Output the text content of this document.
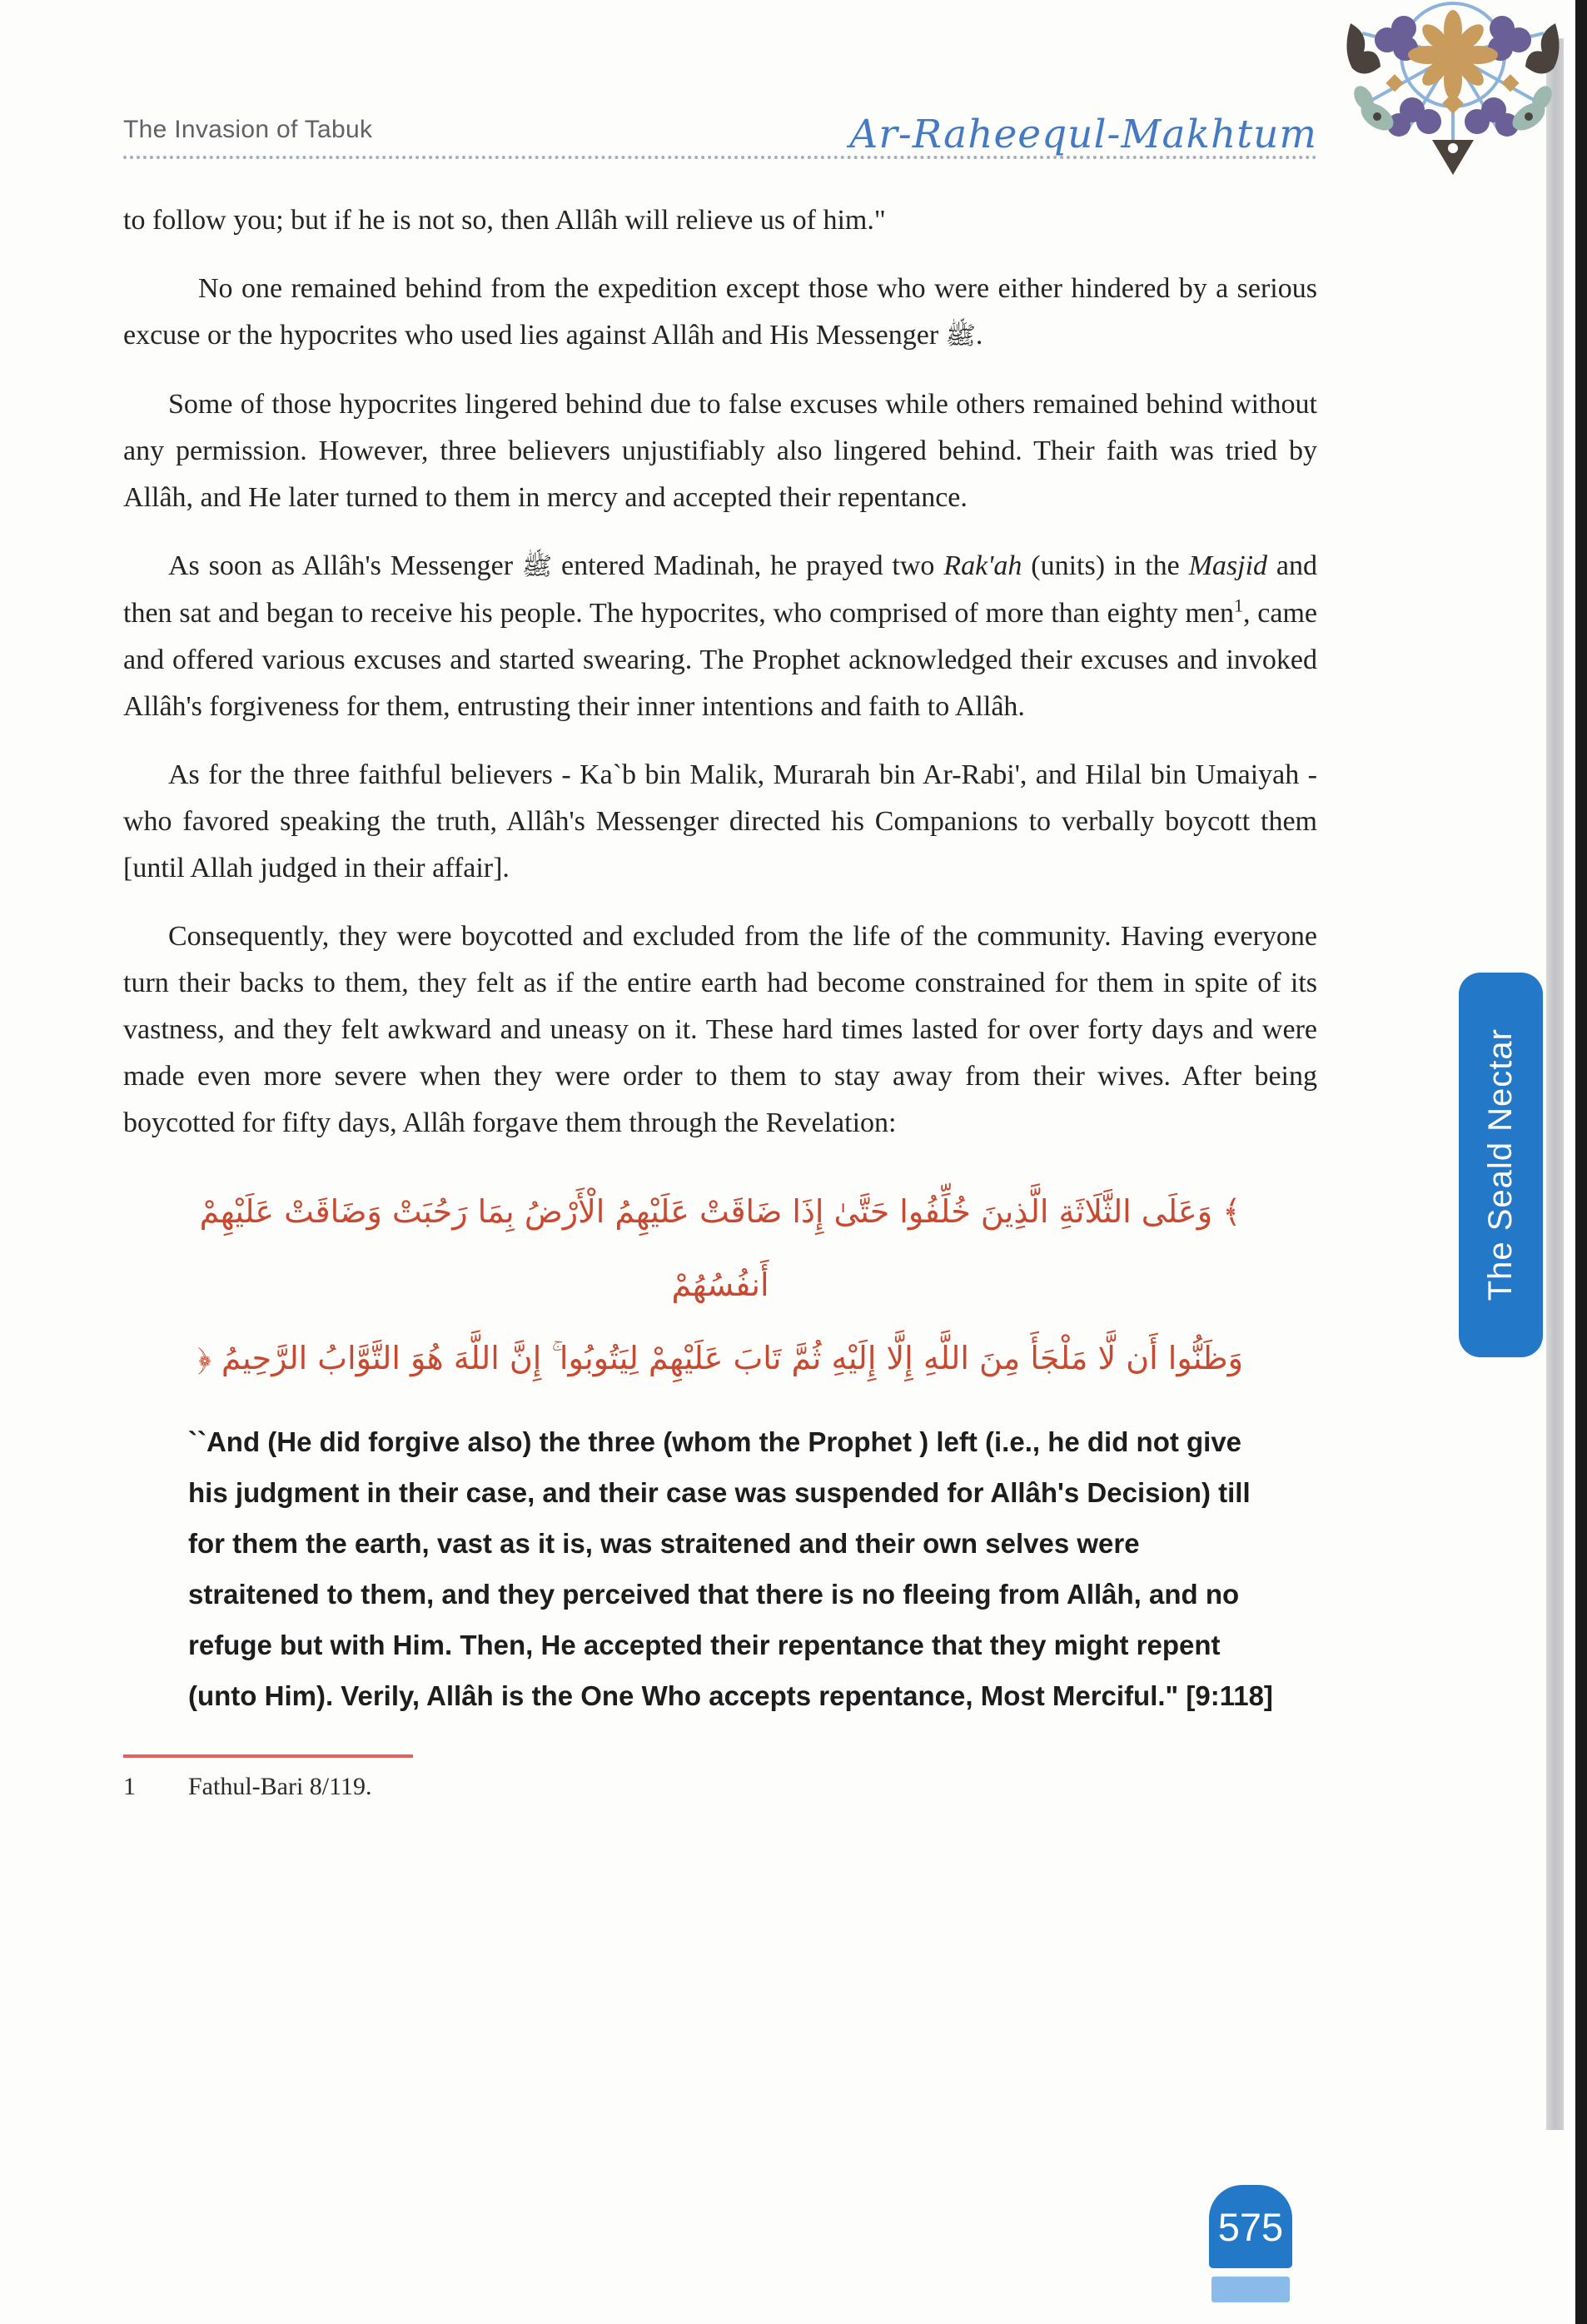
The Seald Nectar
575
The Invasion of Tabuk	Ar-Raheequl-Makhtum

to follow you; but if he is not so, then Allâh will relieve us of him."

No one remained behind from the expedition except those who were either hindered by a serious excuse or the hypocrites who used lies against Allâh and His Messenger ﷺ.

Some of those hypocrites lingered behind due to false excuses while others remained behind without any permission. However, three believers unjustifiably also lingered behind. Their faith was tried by Allâh, and He later turned to them in mercy and accepted their repentance.

As soon as Allâh's Messenger ﷺ entered Madinah, he prayed two Rak'ah (units) in the Masjid and then sat and began to receive his people. The hypocrites, who comprised of more than eighty men$^1$, came and offered various excuses and started swearing. The Prophet acknowledged their excuses and invoked Allâh's forgiveness for them, entrusting their inner intentions and faith to Allâh.

As for the three faithful believers - Ka`b bin Malik, Murarah bin Ar-Rabi', and Hilal bin Umaiyah - who favored speaking the truth, Allâh's Messenger directed his Companions to verbally boycott them [until Allah judged in their affair].

Consequently, they were boycotted and excluded from the life of the community. Having everyone turn their backs to them, they felt as if the entire earth had become constrained for them in spite of its vastness, and they felt awkward and uneasy on it. These hard times lasted for over forty days and were made even more severe when they were order to them to stay away from their wives. After being boycotted for fifty days, Allâh forgave them through the Revelation:

﴾ وَعَلَى الثَّلَاثَةِ الَّذِينَ خُلِّفُوا حَتَّىٰ إِذَا ضَاقَتْ عَلَيْهِمُ الْأَرْضُ بِمَا رَحُبَتْ وَضَاقَتْ عَلَيْهِمْ أَنفُسُهُمْ
وَظَنُّوا أَن لَّا مَلْجَأَ مِنَ اللَّهِ إِلَّا إِلَيْهِ ثُمَّ تَابَ عَلَيْهِمْ لِيَتُوبُوا ۚ إِنَّ اللَّهَ هُوَ التَّوَّابُ الرَّحِيمُ ﴿
``And (He did forgive also) the three (whom the Prophet ) left (i.e., he did not give his judgment in their case, and their case was suspended for Allâh's Decision) till for them the earth, vast as it is, was straitened and their own selves were straitened to them, and they perceived that there is no fleeing from Allâh, and no refuge but with Him. Then, He accepted their repentance that they might repent (unto Him). Verily, Allâh is the One Who accepts repentance, Most Merciful." [9:118]
1	Fathul-Bari 8/119.
